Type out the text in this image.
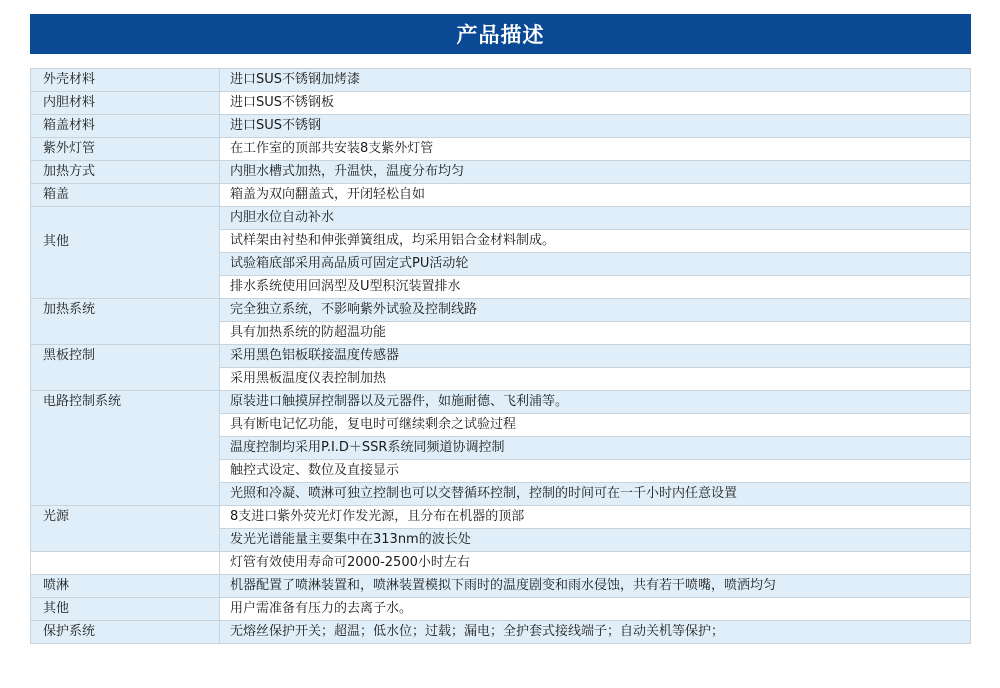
产品描述
外壳材料	进口SUS不锈钢加烤漆
内胆材料	进口SUS不锈钢板
箱盖材料	进口SUS不锈钢
紫外灯管	在工作室的顶部共安装8支紫外灯管
加热方式	内胆水槽式加热，升温快，温度分布均匀
箱盖	箱盖为双向翻盖式，开闭轻松自如
其他	内胆水位自动补水
	试样架由衬垫和伸张弹簧组成，均采用铝合金材料制成。
	试验箱底部采用高品质可固定式PU活动轮
	排水系统使用回涡型及U型积沉装置排水
加热系统	完全独立系统，不影响紫外试验及控制线路
	具有加热系统的防超温功能
黑板控制	采用黑色铝板联接温度传感器
	采用黑板温度仪表控制加热
电路控制系统	原装进口触摸屏控制器以及元器件，如施耐德、飞利浦等。
	具有断电记忆功能，复电时可继续剩余之试验过程
	温度控制均采用P.I.D＋SSR系统同频道协调控制
	触控式设定、数位及直接显示
	光照和冷凝、喷淋可独立控制也可以交替循环控制，控制的时间可在一千小时内任意设置
光源	8支进口紫外荧光灯作发光源，且分布在机器的顶部
	发光光谱能量主要集中在313nm的波长处
	灯管有效使用寿命可2000-2500小时左右
喷淋	机器配置了喷淋装置和，喷淋装置模拟下雨时的温度剧变和雨水侵蚀，共有若干喷嘴，喷洒均匀
其他	用户需准备有压力的去离子水。
保护系统	无熔丝保护开关；超温；低水位；过载；漏电；全护套式接线端子；自动关机等保护；
